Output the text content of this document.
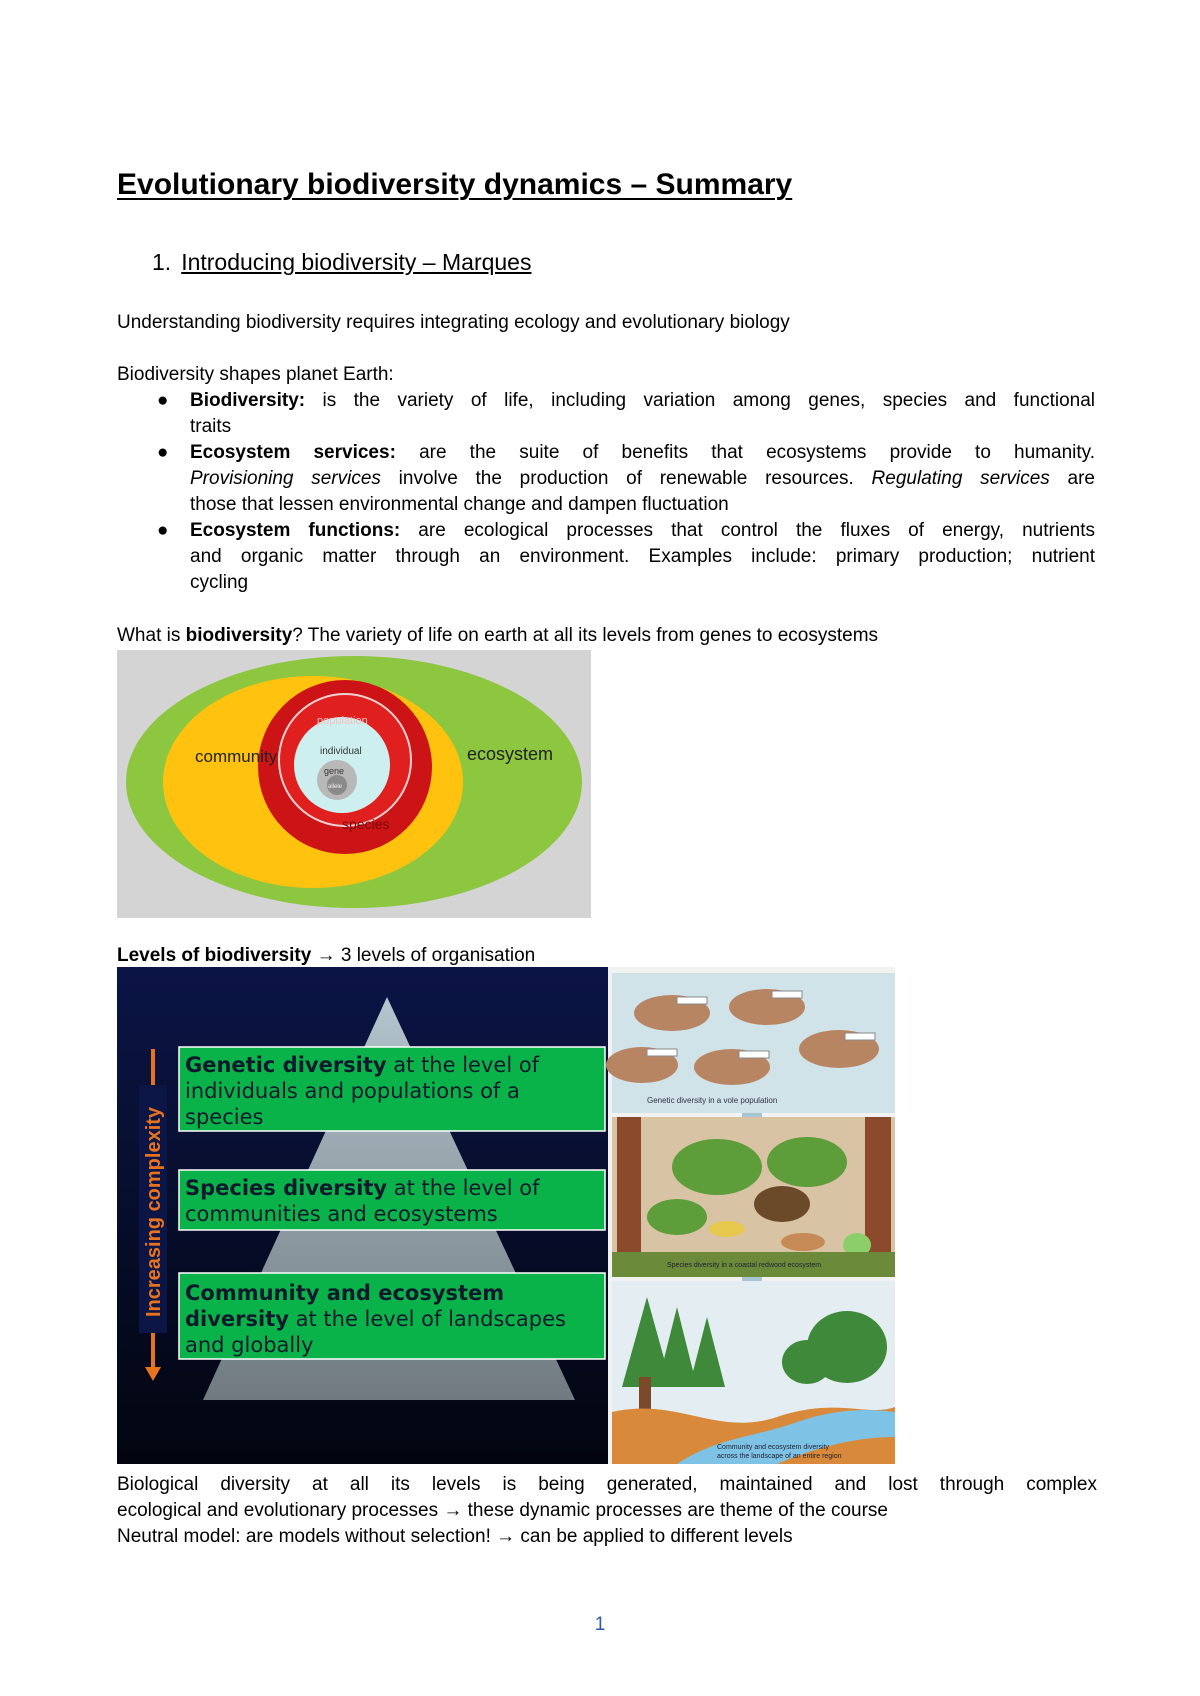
Evolutionary biodiversity dynamics – Summary
1. Introducing biodiversity – Marques
Understanding biodiversity requires integrating ecology and evolutionary biology
Biodiversity shapes planet Earth:
● Biodiversity: is the variety of life, including variation among genes, species and functional
traits
● Ecosystem services: are the suite of benefits that ecosystems provide to humanity.
Provisioning services involve the production of renewable resources. Regulating services are
those that lessen environmental change and dampen fluctuation
● Ecosystem functions: are ecological processes that control the fluxes of energy, nutrients
and organic matter through an environment. Examples include: primary production; nutrient
cycling
What is biodiversity? The variety of life on earth at all its levels from genes to ecosystems
community	ecosystem
population
individual
gene
allele
species
Levels of biodiversity → 3 levels of organisation
Increasing complexity
Genetic diversity at the level of individuals and populations of a species
Species diversity at the level of communities and ecosystems
Community and ecosystem diversity at the level of landscapes and globally
Genetic diversity in a vole population
Species diversity in a coastal redwood ecosystem
Community and ecosystem diversity
across the landscape of an entire region
Biological diversity at all its levels is being generated, maintained and lost through complex
ecological and evolutionary processes → these dynamic processes are theme of the course
Neutral model: are models without selection! → can be applied to different levels
1
